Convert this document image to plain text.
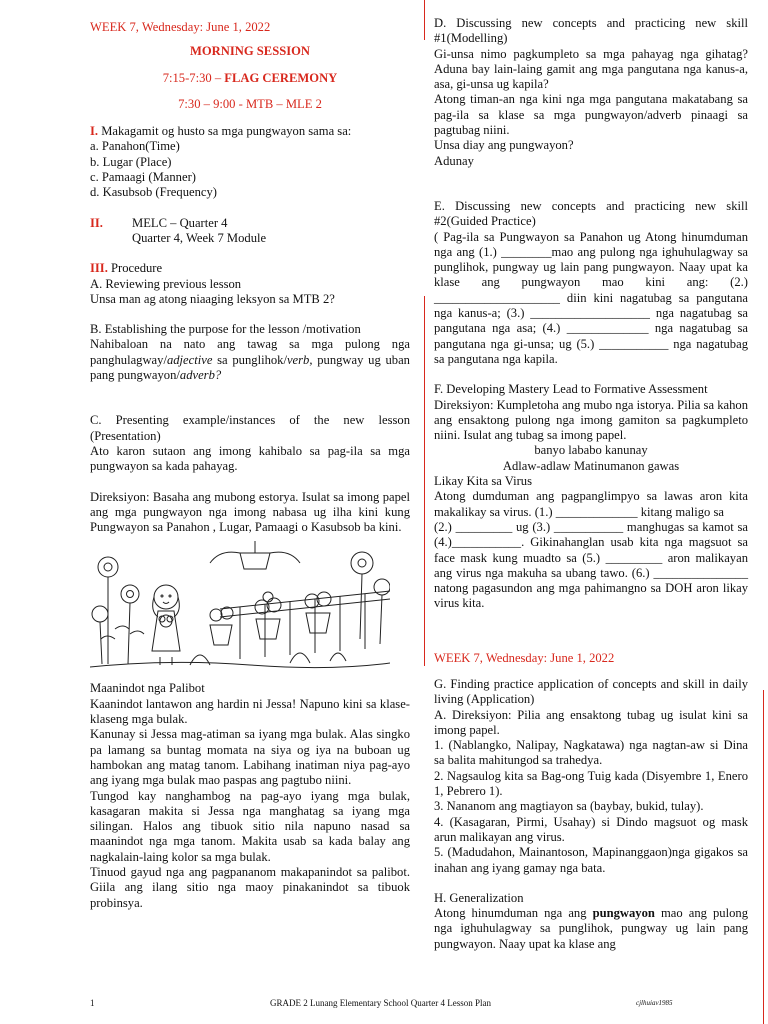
WEEK 7, Wednesday: June 1, 2022

MORNING SESSION

7:15-7:30 – FLAG CEREMONY

7:30 – 9:00 - MTB – MLE 2

I. Makagamit og husto sa mga pungwayon sama sa:

a. Panahon(Time)

b. Lugar (Place)

c. Pamaagi (Manner)

d. Kasubsob (Frequency)

II. MELC – Quarter 4

Quarter 4, Week 7 Module

III. Procedure

A. Reviewing previous lesson

Unsa man ag atong niaaging leksyon sa MTB 2?

B. Establishing the purpose for the lesson /motivation

Nahibaloan na nato ang tawag sa mga pulong nga panghulagway/adjective sa punglihok/verb, pungway ug uban pang pungwayon/adverb?

C. Presenting example/instances of the new lesson (Presentation)

Ato karon sutaon ang imong kahibalo sa pag-ila sa mga pungwayon sa kada pahayag.

Direksiyon: Basaha ang mubong estorya. Isulat sa imong papel ang mga pungwayon nga imong nabasa ug ilha kini kung Pungwayon sa Panahon , Lugar, Pamaagi o Kasubsob ba kini.

Maanindot nga Palibot

Kaanindot lantawon ang hardin ni Jessa! Napuno kini sa klase-klaseng mga bulak.

Kanunay si Jessa mag-atiman sa iyang mga bulak. Alas singko pa lamang sa buntag momata na siya og iya na buboan ug hambokan ang matag tanom. Labihang inatiman niya pag-ayo ang iyang mga bulak mao paspas ang pagtubo niini.

Tungod kay nanghambog na pag-ayo iyang mga bulak, kasagaran makita si Jessa nga manghatag sa iyang mga silingan. Halos ang tibuok sitio nila napuno nasad sa maanindot nga mga tanom. Makita usab sa kada balay ang nagkalain-laing kolor sa mga bulak.

Tinuod gayud nga ang pagpananom makapanindot sa palibot. Giila ang ilang sitio nga maoy pinakanindot sa tibuok probinsya.

D. Discussing new concepts and practicing new skill #1(Modelling)

Gi-unsa nimo pagkumpleto sa mga pahayag nga gihatag? Aduna bay lain-laing gamit ang mga pangutana nga kanus-a, asa, gi-unsa ug kapila?

Atong timan-an nga kini nga mga pangutana makatabang sa pag-ila sa klase sa mga pungwayon/adverb pinaagi sa pagtubag niini.

Unsa diay ang pungwayon?

Adunay

E. Discussing new concepts and practicing new skill #2(Guided Practice)

( Pag-ila sa Pungwayon sa Panahon ug Atong hinumduman nga ang (1.) ________mao ang pulong nga ighuhulagway sa punglihok, pungway ug lain pang pungwayon. Naay upat ka klase ang pungwayon mao kini ang: (2.) ____________________ diin kini nagatubag sa pangutana nga kanus-a; (3.) ___________________ nga nagatubag sa pangutana nga asa; (4.) _____________ nga nagatubag sa pangutana nga gi-unsa; ug (5.) ___________ nga nagatubag sa pangutana nga kapila.

F. Developing Mastery Lead to Formative Assessment

Direksiyon: Kumpletoha ang mubo nga istorya. Pilia sa kahon ang ensaktong pulong nga imong gamiton sa pagkumpleto niini. Isulat ang tubag sa imong papel.

banyo lababo kanunay

Adlaw-adlaw Matinumanon gawas

Likay Kita sa Virus

Atong dumduman ang pagpanglimpyo sa lawas aron kita makalikay sa virus. (1.) _____________ kitang maligo sa

(2.) _________ ug (3.) ___________ manghugas sa kamot sa (4.)___________. Gikinahanglan usab kita nga magsuot sa face mask kung muadto sa (5.) _________ aron malikayan ang virus nga makuha sa ubang tawo. (6.) _______________ natong pagasundon ang mga pahimangno sa DOH aron likay virus kita.

WEEK 7, Wednesday: June 1, 2022

G. Finding practice application of concepts and skill in daily living (Application)

A. Direksiyon: Pilia ang ensaktong tubag ug isulat kini sa imong papel.

1. (Nablangko, Nalipay, Nagkatawa) nga nagtan-aw si Dina sa balita mahitungod sa trahedya.

2. Nagsaulog kita sa Bag-ong Tuig kada (Disyembre 1, Enero 1, Pebrero 1).

3. Nananom ang magtiayon sa (baybay, bukid, tulay).

4. (Kasagaran, Pirmi, Usahay) si Dindo magsuot og mask arun malikayan ang virus.

5. (Madudahon, Mainantoson, Mapinanggaon)nga gigakos sa inahan ang iyang gamay nga bata.

H. Generalization

Atong hinumduman nga ang pungwayon mao ang pulong nga ighuhulagway sa punglihok, pungway ug lain pang pungwayon. Naay upat ka klase ang

1	GRADE 2 Lunang Elementary School Quarter 4 Lesson Plan	cjlhuiav1985
